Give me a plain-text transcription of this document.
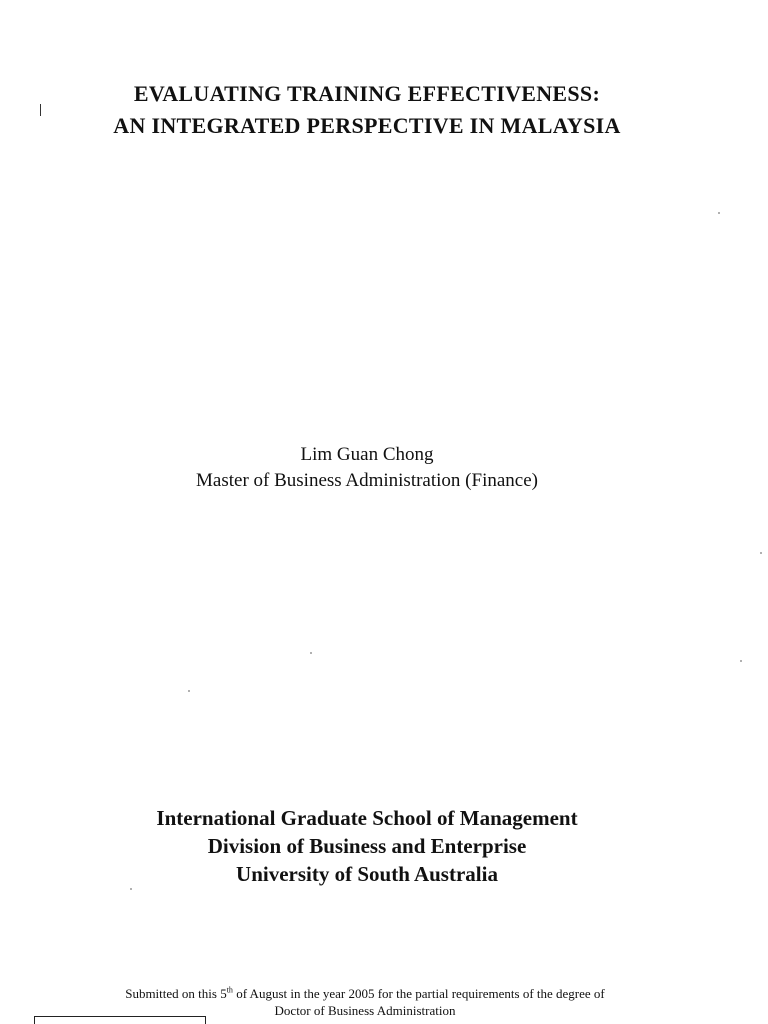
EVALUATING TRAINING EFFECTIVENESS:
AN INTEGRATED PERSPECTIVE IN MALAYSIA
Lim Guan Chong
Master of Business Administration (Finance)
International Graduate School of Management
Division of Business and Enterprise
University of South Australia
Submitted on this 5th of August in the year 2005 for the partial requirements of the degree of
Doctor of Business Administration
